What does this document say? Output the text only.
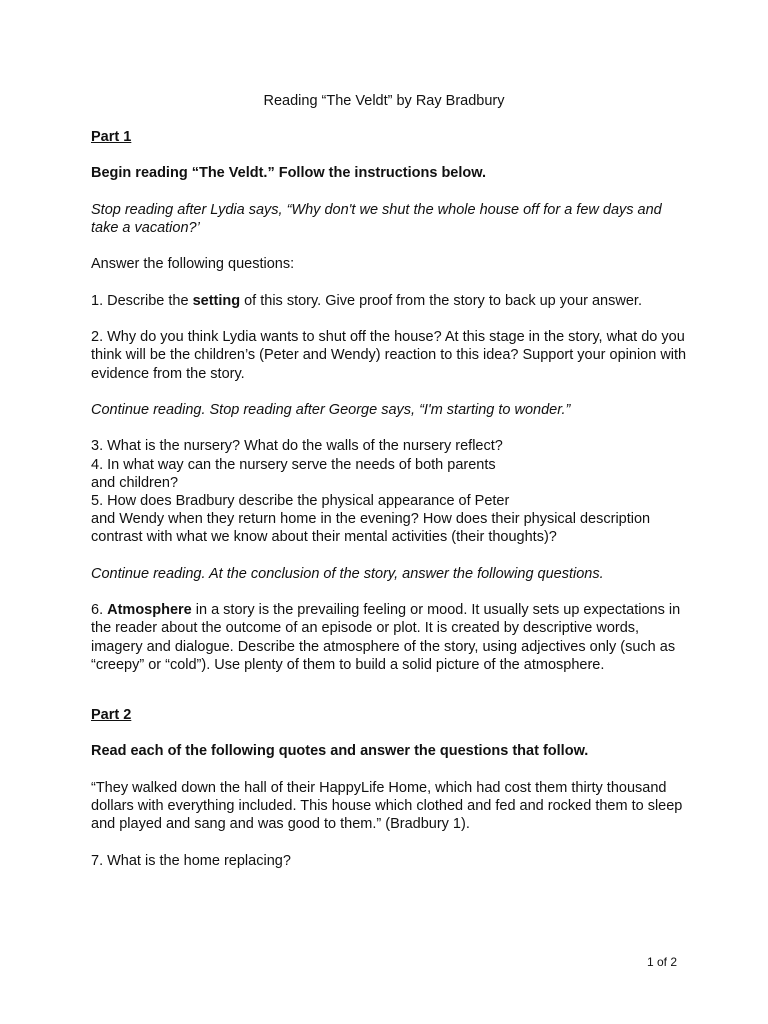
Reading “The Veldt” by Ray Bradbury

Part 1

Begin reading “The Veldt.” Follow the instructions below.

Stop reading after Lydia says, “Why don't we shut the whole house off for a few days and take a vacation?’

Answer the following questions:

1. Describe the setting of this story. Give proof from the story to back up your answer.

2. Why do you think Lydia wants to shut off the house? At this stage in the story, what do you think will be the children’s (Peter and Wendy) reaction to this idea? Support your opinion with evidence from the story.

Continue reading. Stop reading after George says, “I'm starting to wonder.”

3. What is the nursery? What do the walls of the nursery reflect?

4. In what way can the nursery serve the needs of both parents

and children?

5. How does Bradbury describe the physical appearance of Peter

and Wendy when they return home in the evening? How does their physical description contrast with what we know about their mental activities (their thoughts)?

Continue reading. At the conclusion of the story, answer the following questions.

6. Atmosphere in a story is the prevailing feeling or mood. It usually sets up expectations in the reader about the outcome of an episode or plot. It is created by descriptive words, imagery and dialogue. Describe the atmosphere of the story, using adjectives only (such as “creepy” or “cold”). Use plenty of them to build a solid picture of the atmosphere.

Part 2

Read each of the following quotes and answer the questions that follow.

“They walked down the hall of their HappyLife Home, which had cost them thirty thousand dollars with everything included. This house which clothed and fed and rocked them to sleep and played and sang and was good to them.” (Bradbury 1).

7. What is the home replacing?

1 of 2
